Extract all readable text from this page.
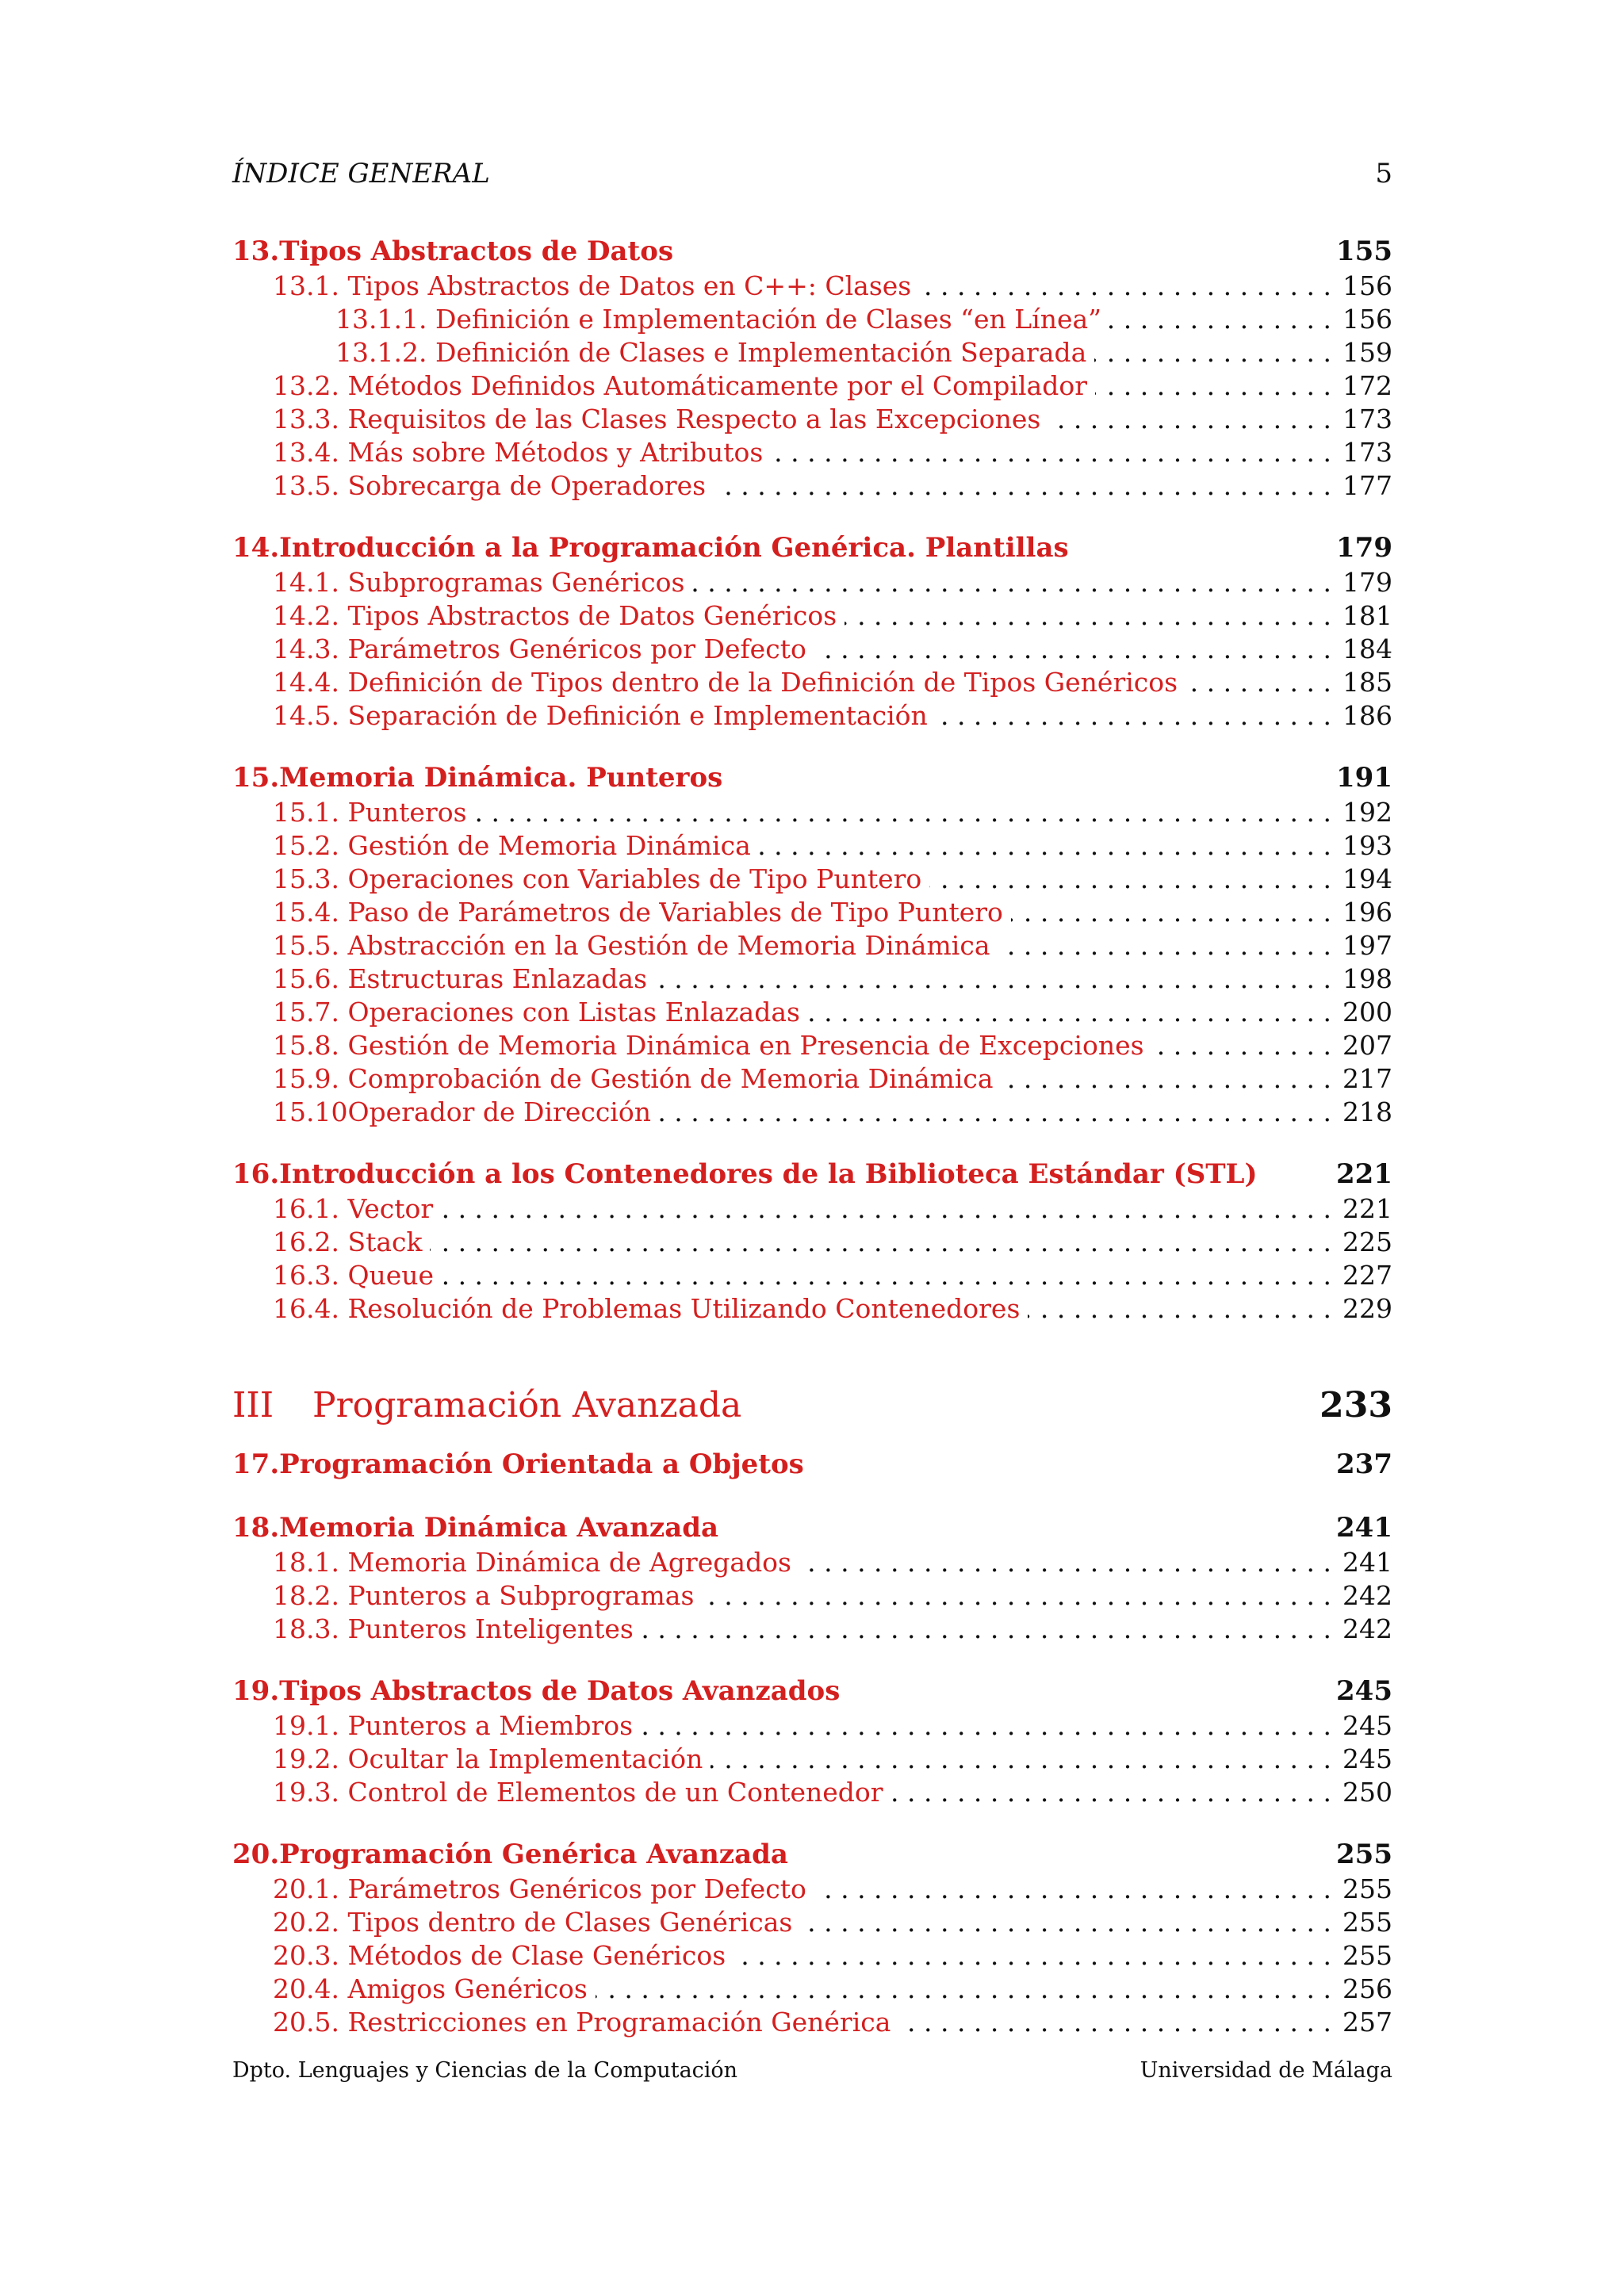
ÍNDICE GENERAL	5
13.Tipos Abstractos de Datos	155
13.1. Tipos Abstractos de Datos en C++: Clases . . .	156
13.1.1. Definición e Implementación de Clases “en Línea” . . .	156
13.1.2. Definición de Clases e Implementación Separada . . .	159
13.2. Métodos Definidos Automáticamente por el Compilador . . .	172
13.3. Requisitos de las Clases Respecto a las Excepciones . . .	173
13.4. Más sobre Métodos y Atributos . . .	173
13.5. Sobrecarga de Operadores . . .	177
14.Introducción a la Programación Genérica. Plantillas	179
14.1. Subprogramas Genéricos . . .	179
14.2. Tipos Abstractos de Datos Genéricos . . .	181
14.3. Parámetros Genéricos por Defecto . . .	184
14.4. Definición de Tipos dentro de la Definición de Tipos Genéricos . . .	185
14.5. Separación de Definición e Implementación . . .	186
15.Memoria Dinámica. Punteros	191
15.1. Punteros . . .	192
15.2. Gestión de Memoria Dinámica . . .	193
15.3. Operaciones con Variables de Tipo Puntero . . .	194
15.4. Paso de Parámetros de Variables de Tipo Puntero . . .	196
15.5. Abstracción en la Gestión de Memoria Dinámica . . .	197
15.6. Estructuras Enlazadas . . .	198
15.7. Operaciones con Listas Enlazadas . . .	200
15.8. Gestión de Memoria Dinámica en Presencia de Excepciones . . .	207
15.9. Comprobación de Gestión de Memoria Dinámica . . .	217
15.10Operador de Dirección . . .	218
16.Introducción a los Contenedores de la Biblioteca Estándar (STL)	221
16.1. Vector . . .	221
16.2. Stack . . .	225
16.3. Queue . . .	227
16.4. Resolución de Problemas Utilizando Contenedores . . .	229
III	Programación Avanzada	233
17.Programación Orientada a Objetos	237
18.Memoria Dinámica Avanzada	241
18.1. Memoria Dinámica de Agregados . . .	241
18.2. Punteros a Subprogramas . . .	242
18.3. Punteros Inteligentes . . .	242
19.Tipos Abstractos de Datos Avanzados	245
19.1. Punteros a Miembros . . .	245
19.2. Ocultar la Implementación . . .	245
19.3. Control de Elementos de un Contenedor . . .	250
20.Programación Genérica Avanzada	255
20.1. Parámetros Genéricos por Defecto . . .	255
20.2. Tipos dentro de Clases Genéricas . . .	255
20.3. Métodos de Clase Genéricos . . .	255
20.4. Amigos Genéricos . . .	256
20.5. Restricciones en Programación Genérica . . .	257
Dpto. Lenguajes y Ciencias de la Computación	Universidad de Málaga
